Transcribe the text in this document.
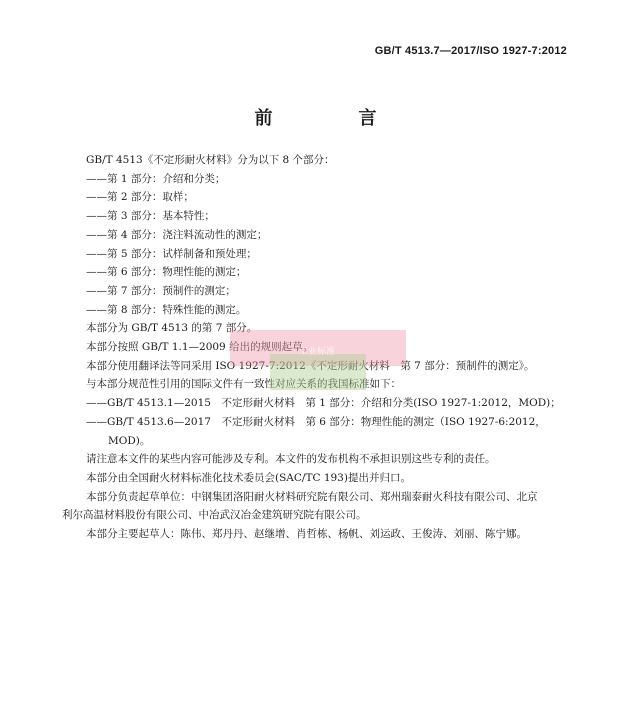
GB/T 4513.7—2017/ISO 1927-7:2012
前　言
GB/T 4513《不定形耐火材料》分为以下 8 个部分：
——第 1 部分：介绍和分类；
——第 2 部分：取样；
——第 3 部分：基本特性；
——第 4 部分：浇注料流动性的测定；
——第 5 部分：试样制备和预处理；
——第 6 部分：物理性能的测定；
——第 7 部分：预制件的测定；
——第 8 部分：特殊性能的测定。
本部分为 GB/T 4513 的第 7 部分。
本部分按照 GB/T 1.1—2009 给出的规则起草。
本部分使用翻译法等同采用 ISO 1927-7:2012《不定形耐火材料　第 7 部分：预制件的测定》。
与本部分规范性引用的国际文件有一致性对应关系的我国标准如下：
——GB/T 4513.1—2015　不定形耐火材料　第 1 部分：介绍和分类(ISO 1927-1:2012，MOD)；
——GB/T 4513.6—2017　不定形耐火材料　第 6 部分：物理性能的测定（ISO 1927-6:2012，
MOD)。
请注意本文件的某些内容可能涉及专利。本文件的发布机构不承担识别这些专利的责任。
本部分由全国耐火材料标准化技术委员会(SAC/TC 193)提出并归口。
本部分负责起草单位：中钢集团洛阳耐火材料研究院有限公司、郑州瑞泰耐火科技有限公司、北京
利尔高温材料股份有限公司、中冶武汉冶金建筑研究院有限公司。
本部分主要起草人：陈伟、郑丹丹、赵继增、肖哲栋、杨帆、刘运政、王俊涛、刘丽、陈宁娜。
工业标准
